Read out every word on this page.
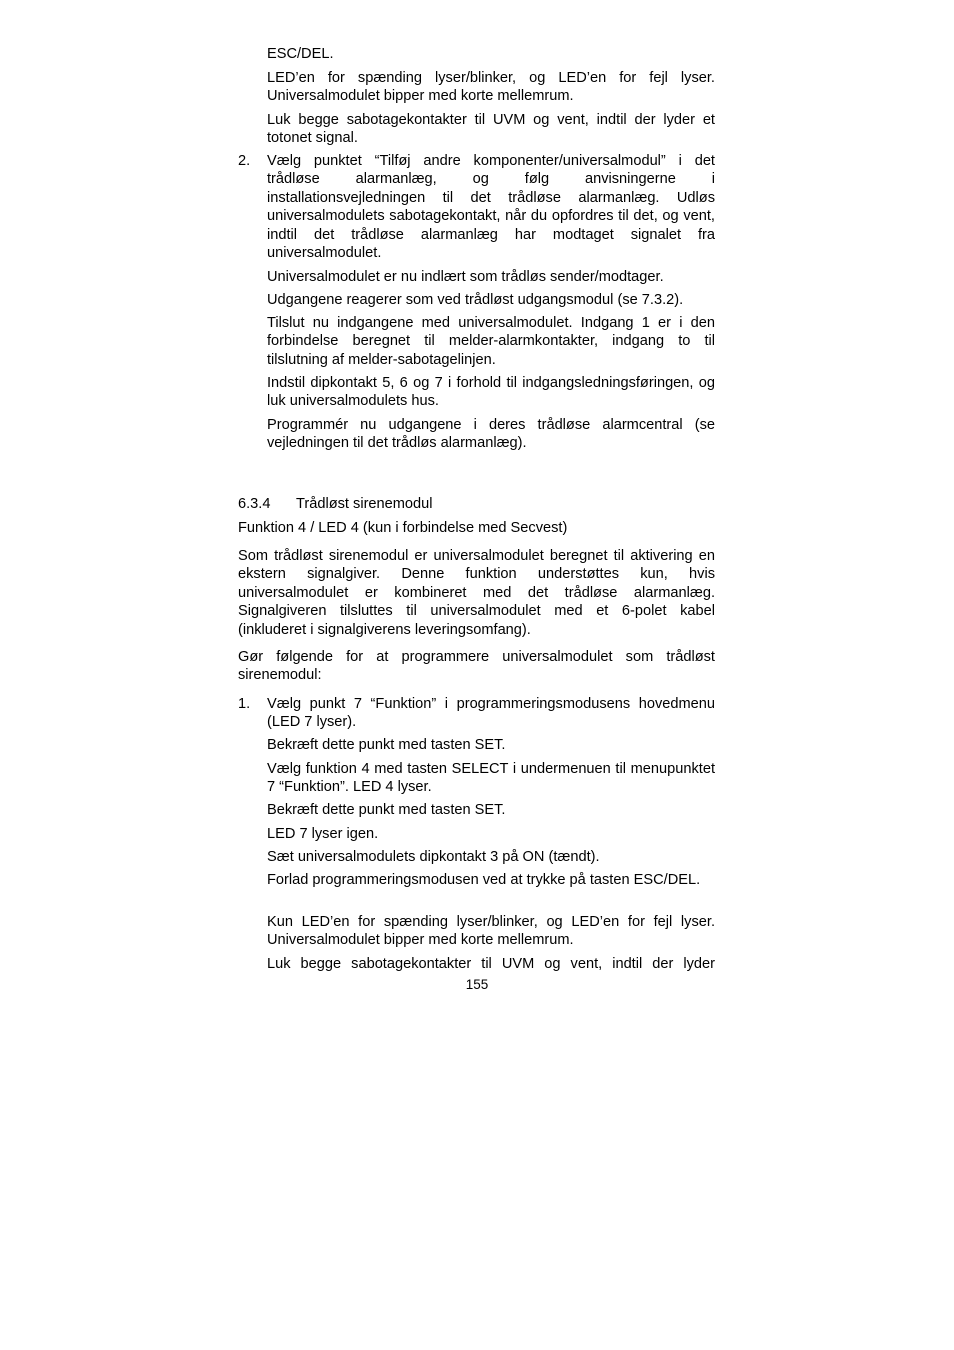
ESC/DEL.

LED’en for spænding lyser/blinker, og LED’en for fejl lyser. Universalmodulet bipper med korte mellemrum.

Luk begge sabotagekontakter til UVM og vent, indtil der lyder et totonet signal.

2.	Vælg punktet “Tilføj andre komponenter/universalmodul” i det trådløse alarmanlæg, og følg anvisningerne i installationsvejledningen til det trådløse alarmanlæg. Udløs universalmodulets sabotagekontakt, når du opfordres til det, og vent, indtil det trådløse alarmanlæg har modtaget signalet fra universalmodulet.

Universalmodulet er nu indlært som trådløs sender/modtager.

Udgangene reagerer som ved trådløst udgangsmodul (se 7.3.2).

Tilslut nu indgangene med universalmodulet. Indgang 1 er i den forbindelse beregnet til melder-alarmkontakter, indgang to til tilslutning af melder-sabotagelinjen.

Indstil dipkontakt 5, 6 og 7 i forhold til indgangsledningsføringen, og luk universalmodulets hus.

Programmér nu udgangene i deres trådløse alarmcentral (se vejledningen til det trådløs alarmanlæg).

6.3.4 Trådløst sirenemodul

Funktion 4 / LED 4 (kun i forbindelse med Secvest)

Som trådløst sirenemodul er universalmodulet beregnet til aktivering en ekstern signalgiver. Denne funktion understøttes kun, hvis universalmodulet er kombineret med det trådløse alarmanlæg. Signalgiveren tilsluttes til universalmodulet med et 6-polet kabel (inkluderet i signalgiverens leveringsomfang).

Gør følgende for at programmere universalmodulet som trådløst sirenemodul:

1.	Vælg punkt 7 “Funktion” i programmeringsmodusens hovedmenu (LED 7 lyser).

Bekræft dette punkt med tasten SET.

Vælg funktion 4 med tasten SELECT i undermenuen til menupunktet 7 “Funktion”. LED 4 lyser.

Bekræft dette punkt med tasten SET.

LED 7 lyser igen.

Sæt universalmodulets dipkontakt 3 på ON (tændt).

Forlad programmeringsmodusen ved at trykke på tasten ESC/DEL.

Kun LED’en for spænding lyser/blinker, og LED’en for fejl lyser. Universalmodulet bipper med korte mellemrum.

Luk begge sabotagekontakter til UVM og vent, indtil der lyder

155
